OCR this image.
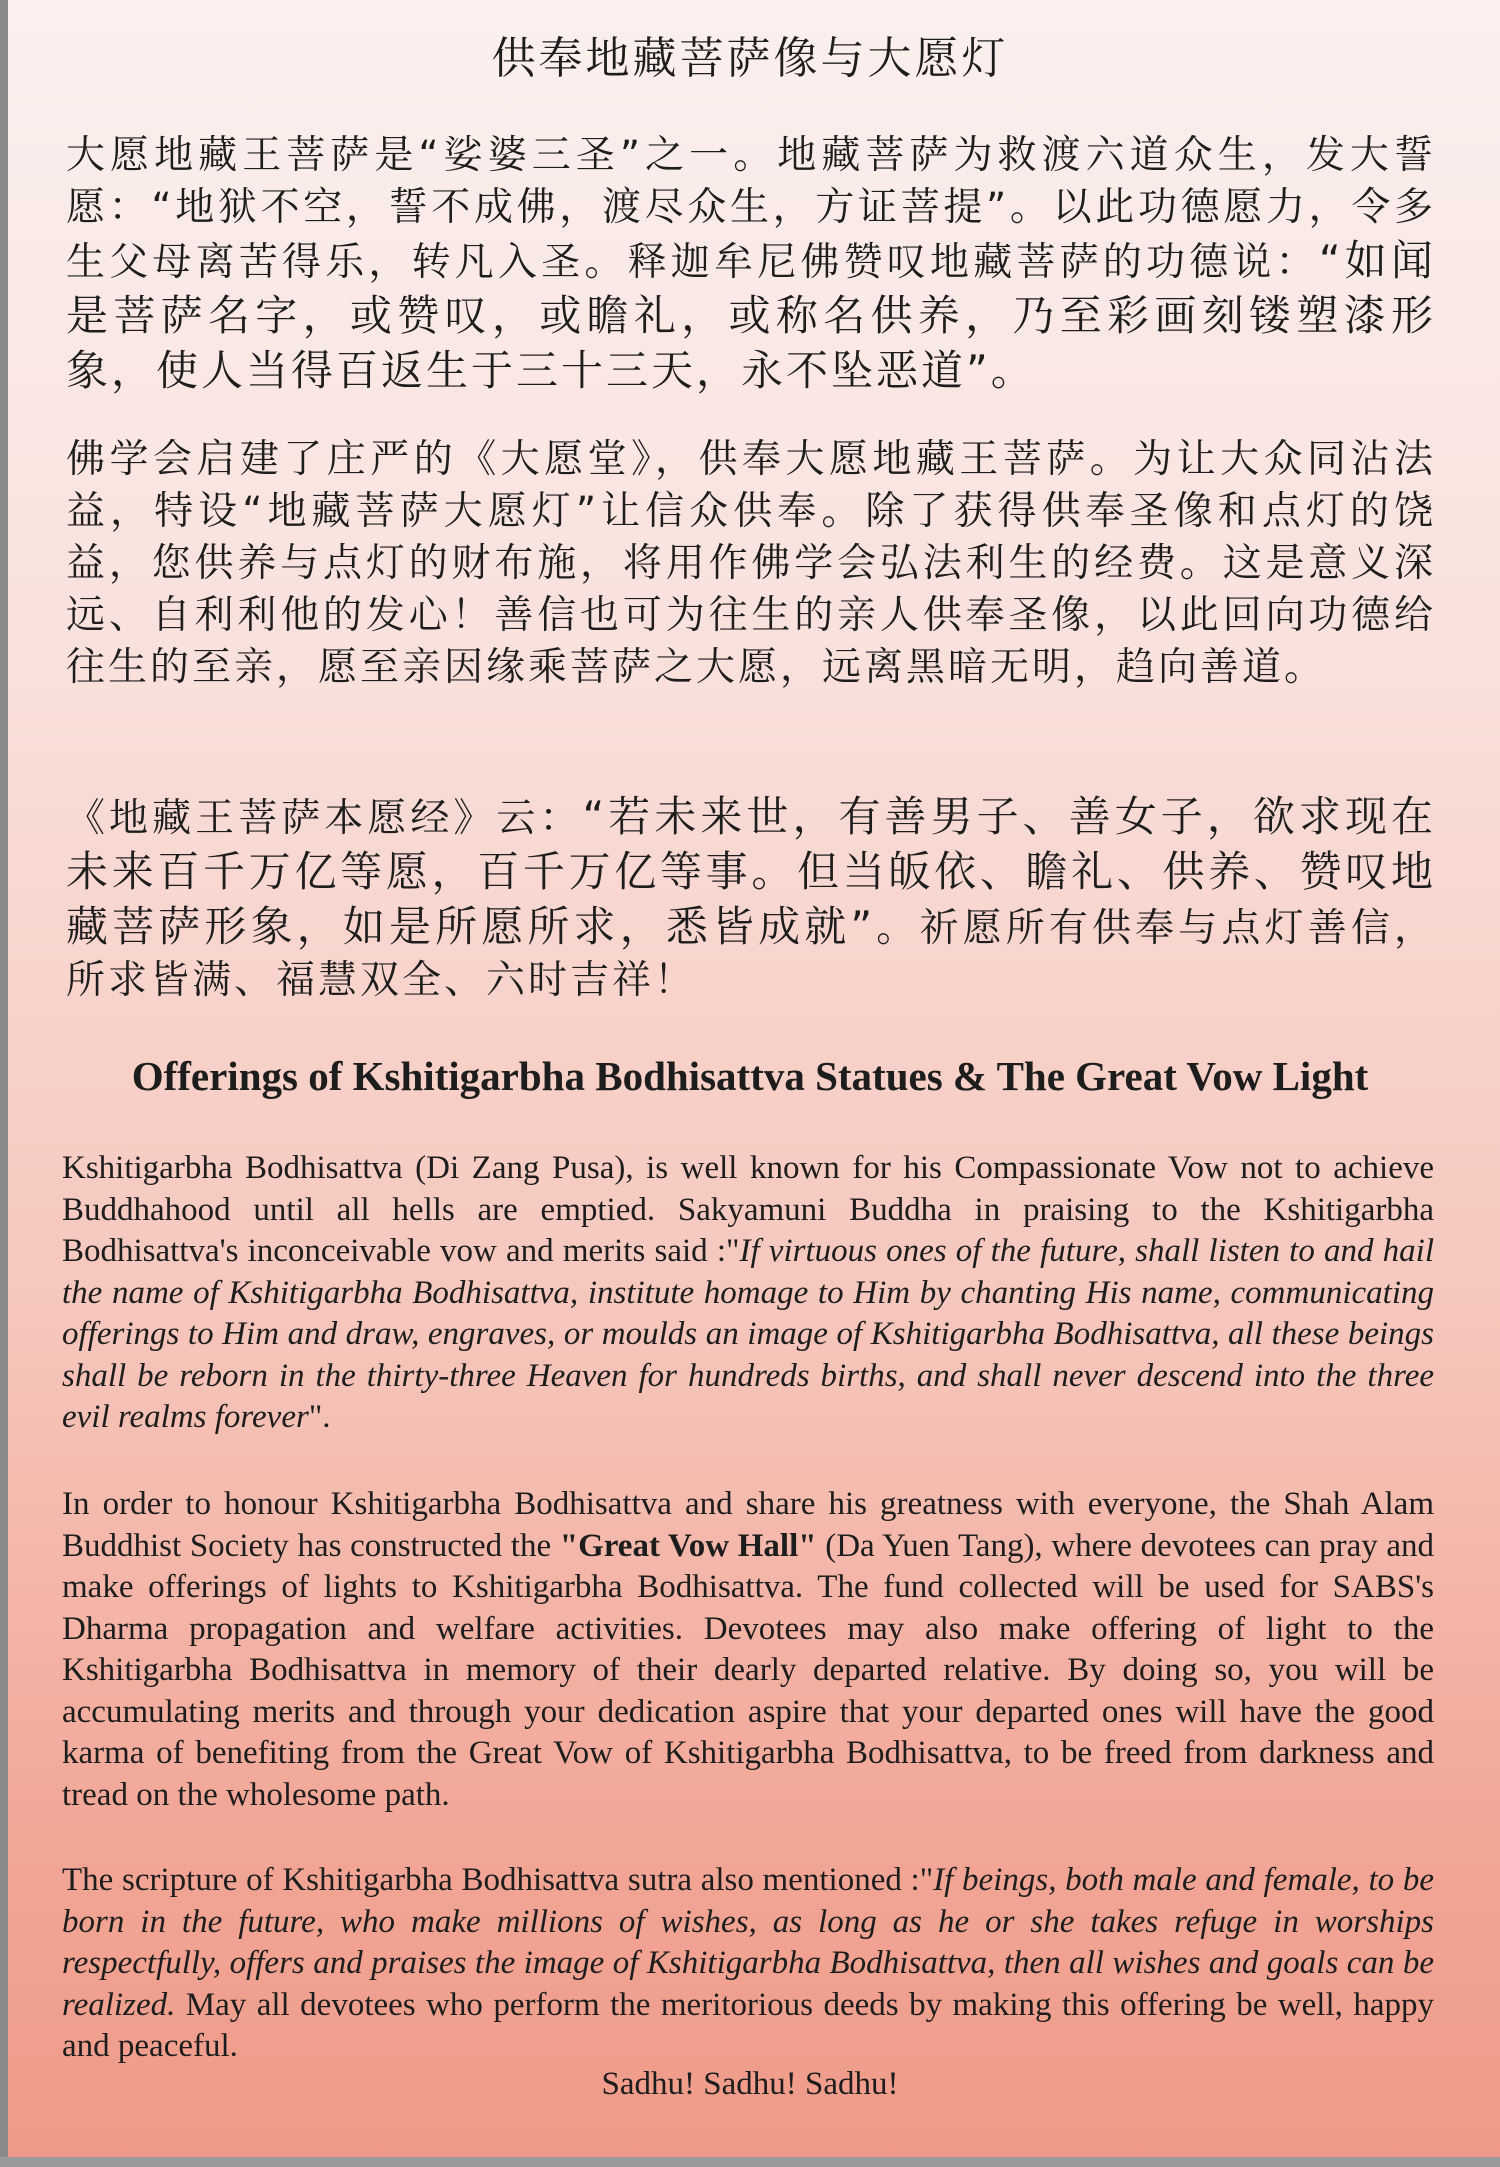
供奉地藏菩萨像与大愿灯

大愿地藏王菩萨是“娑婆三圣”之一。地藏菩萨为救渡六道众生，发大誓愿：“地狱不空，誓不成佛，渡尽众生，方证菩提”。以此功德愿力，令多生父母离苦得乐，转凡入圣。释迦牟尼佛赞叹地藏菩萨的功德说：“如闻是菩萨名字，或赞叹，或瞻礼，或称名供养，乃至彩画刻镂塑漆形象，使人当得百返生于三十三天，永不坠恶道”。

佛学会启建了庄严的《大愿堂》，供奉大愿地藏王菩萨。为让大众同沾法益，特设“地藏菩萨大愿灯”让信众供奉。除了获得供奉圣像和点灯的饶益，您供养与点灯的财布施，将用作佛学会弘法利生的经费。这是意义深远、自利利他的发心！善信也可为往生的亲人供奉圣像，以此回向功德给往生的至亲，愿至亲因缘乘菩萨之大愿，远离黑暗无明，趋向善道。

《地藏王菩萨本愿经》云：“若未来世，有善男子、善女子，欲求现在未来百千万亿等愿，百千万亿等事。但当皈依、瞻礼、供养、赞叹地藏菩萨形象，如是所愿所求，悉皆成就”。祈愿所有供奉与点灯善信，所求皆满、福慧双全、六时吉祥！

Offerings of Kshitigarbha Bodhisattva Statues & The Great Vow Light

Kshitigarbha Bodhisattva (Di Zang Pusa), is well known for his Compassionate Vow not to achieve Buddhahood until all hells are emptied. Sakyamuni Buddha in praising to the Kshitigarbha Bodhisattva's inconceivable vow and merits said :"If virtuous ones of the future, shall listen to and hail the name of Kshitigarbha Bodhisattva, institute homage to Him by chanting His name, communicating offerings to Him and draw, engraves, or moulds an image of Kshitigarbha Bodhisattva, all these beings shall be reborn in the thirty-three Heaven for hundreds births, and shall never descend into the three evil realms forever".

In order to honour Kshitigarbha Bodhisattva and share his greatness with everyone, the Shah Alam Buddhist Society has constructed the "Great Vow Hall" (Da Yuen Tang), where devotees can pray and make offerings of lights to Kshitigarbha Bodhisattva. The fund collected will be used for SABS's Dharma propagation and welfare activities. Devotees may also make offering of light to the Kshitigarbha Bodhisattva in memory of their dearly departed relative. By doing so, you will be accumulating merits and through your dedication aspire that your departed ones will have the good karma of benefiting from the Great Vow of Kshitigarbha Bodhisattva, to be freed from darkness and tread on the wholesome path.

The scripture of Kshitigarbha Bodhisattva sutra also mentioned :"If beings, both male and female, to be born in the future, who make millions of wishes, as long as he or she takes refuge in worships respectfully, offers and praises the image of Kshitigarbha Bodhisattva, then all wishes and goals can be realized. May all devotees who perform the meritorious deeds by making this offering be well, happy and peaceful.

Sadhu! Sadhu! Sadhu!
